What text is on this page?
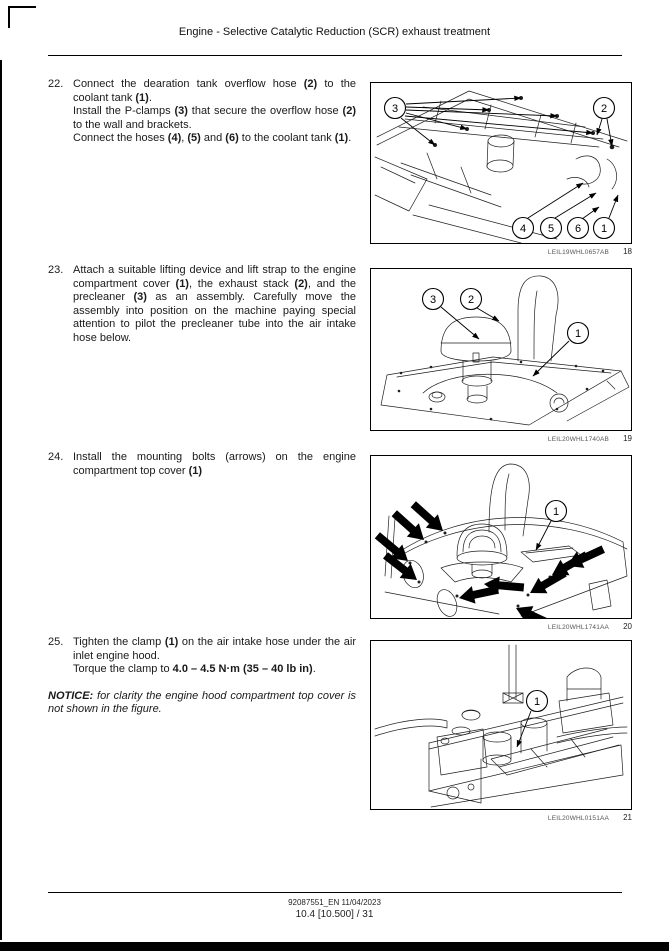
Engine - Selective Catalytic Reduction (SCR) exhaust treatment
22. Connect the dearation tank overflow hose (2) to the coolant tank (1).

Install the P-clamps (3) that secure the overflow hose (2) to the wall and brackets.

Connect the hoses (4), (5) and (6) to the coolant tank (1).

3	2
4 5 6 1
LEIL19WHL0657AB 18
23. Attach a suitable lifting device and lift strap to the engine compartment cover (1), the exhaust stack (2), and the precleaner (3) as an assembly. Carefully move the assembly into position on the machine paying special attention to pilot the precleaner tube into the air intake hose below.

3	2
1
LEIL20WHL1740AB 19
24. Install the mounting bolts (arrows) on the engine compartment top cover (1)

1
LEIL20WHL1741AA 20
25. Tighten the clamp (1) on the air intake hose under the air inlet engine hood.

Torque the clamp to 4.0 – 4.5 N·m (35 – 40 lb in).

NOTICE: for clarity the engine hood compartment top cover is not shown in the figure.

1
LEIL20WHL0151AA 21
92087551_EN 11/04/2023
10.4 [10.500] / 31
